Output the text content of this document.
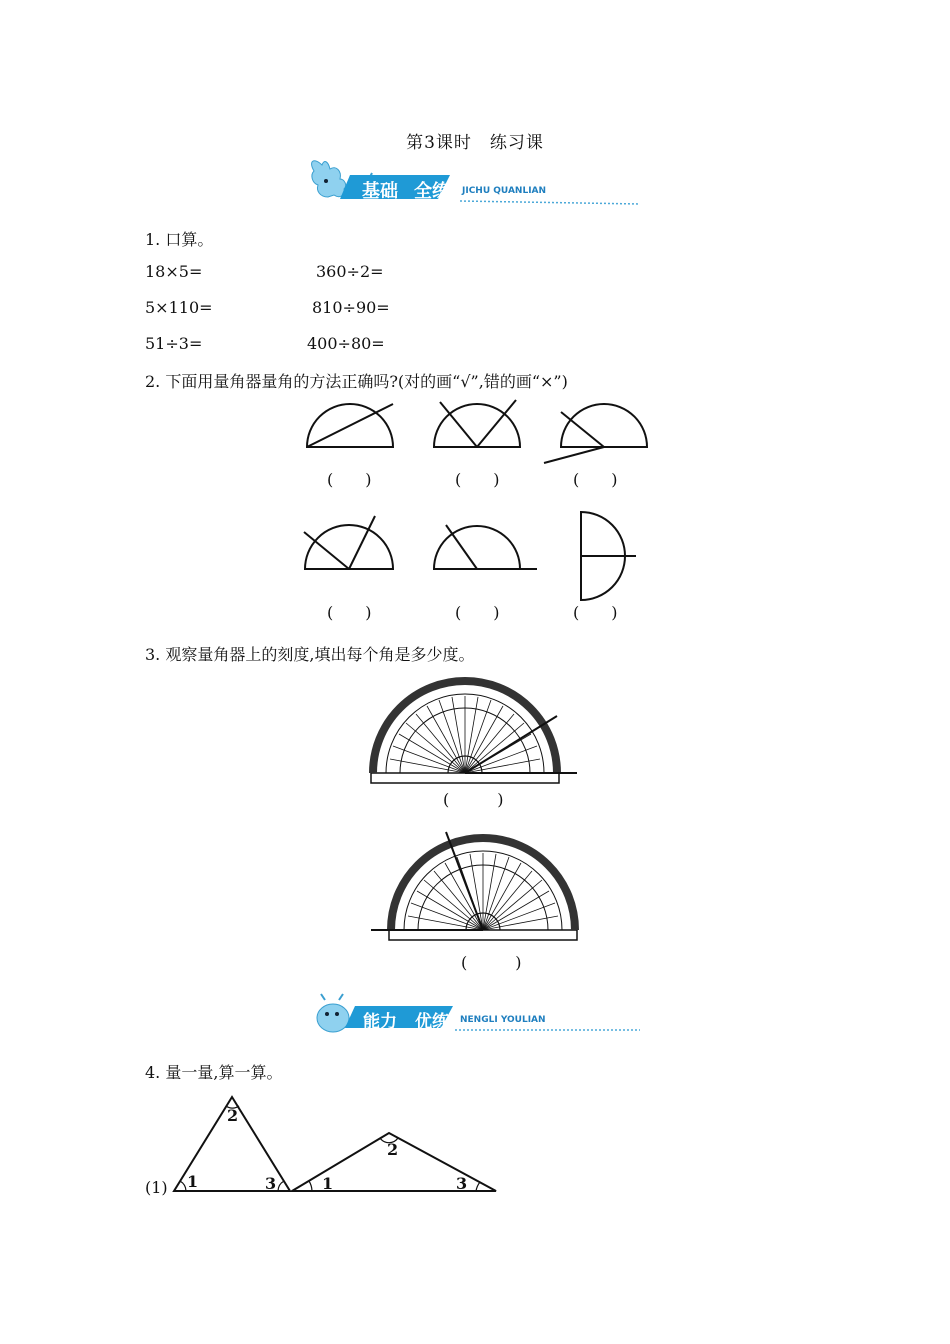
第3课时　练习课
基础 全练 JICHU QUANLIAN
1. 口算。
18×5=	360÷2=
5×110=	810÷90=
51÷3=	400÷80=
2. 下面用量角器量角的方法正确吗?(对的画“√”,错的画“×”)
(　　)	(　　)	(　　)
(　　)	(　　)	(　　)
3. 观察量角器上的刻度,填出每个角是多少度。
(　　　)
(　　　)
能力 优练 NENGLI YOULIAN
4. 量一量,算一算。
(1) 1
2
3	1
2
3
